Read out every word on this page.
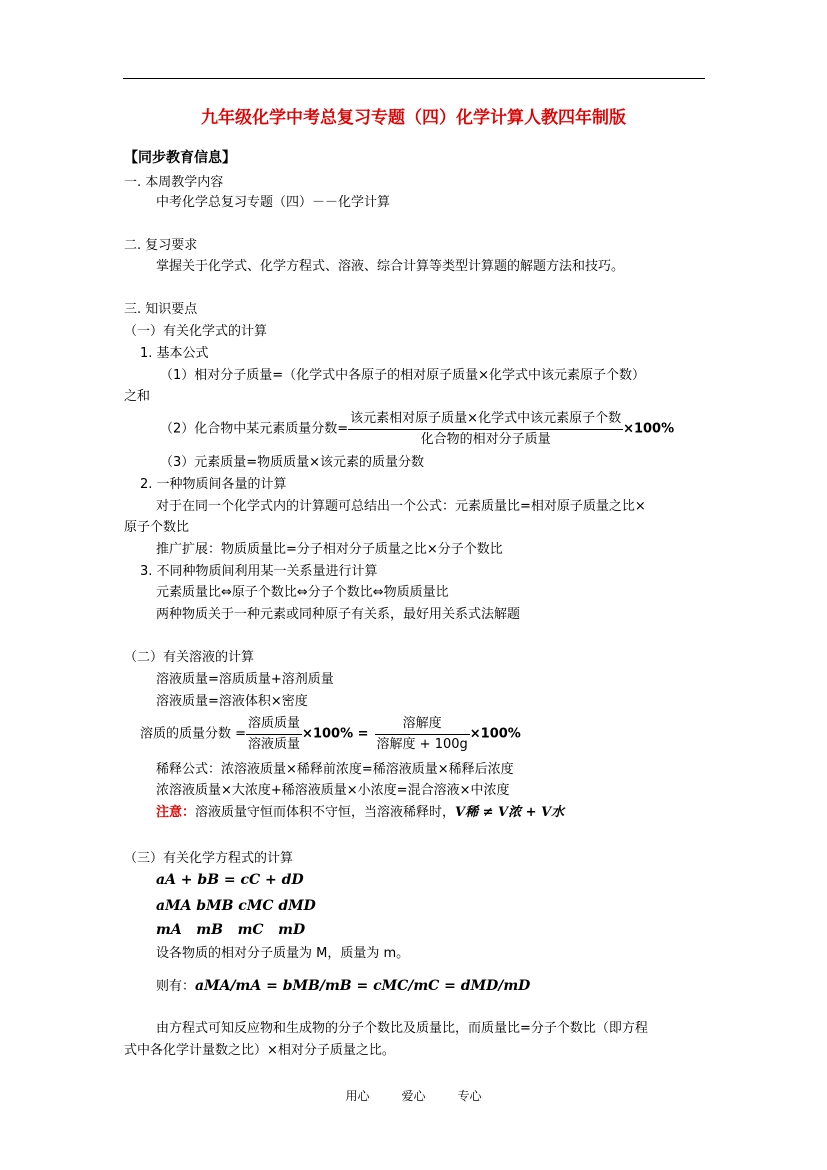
九年级化学中考总复习专题（四）化学计算人教四年制版
【同步教育信息】
一. 本周教学内容
中考化学总复习专题（四）－－化学计算
二. 复习要求
掌握关于化学式、化学方程式、溶液、综合计算等类型计算题的解题方法和技巧。
三. 知识要点
（一）有关化学式的计算
1. 基本公式
（1）相对分子质量=（化学式中各原子的相对原子质量×化学式中该元素原子个数）
之和
（2）化合物中某元素质量分数= $\frac{\text{该元素相对原子质量×化学式中该元素原子个数}}{\text{化合物的相对分子质量}} \times 100\%$
（3）元素质量=物质质量×该元素的质量分数
2. 一种物质间各量的计算
对于在同一个化学式内的计算题可总结出一个公式：元素质量比=相对原子质量之比×
原子个数比
推广扩展：物质质量比=分子相对分子质量之比×分子个数比
3. 不同种物质间利用某一关系量进行计算
元素质量比⇔原子个数比⇔分子个数比⇔物质质量比
两种物质关于一种元素或同种原子有关系，最好用关系式法解题
（二）有关溶液的计算
溶液质量=溶质质量+溶剂质量
溶液质量=溶液体积×密度
溶质的质量分数 = $\frac{\text{溶质质量}}{\text{溶液质量}} \times 100\% = \frac{\text{溶解度}}{\text{溶解度 + 100g}} \times 100\%$
稀释公式：浓溶液质量×稀释前浓度=稀溶液质量×稀释后浓度
浓溶液质量×大浓度+稀溶液质量×小浓度=混合溶液×中浓度
注意：溶液质量守恒而体积不守恒，当溶液稀释时，V稀 ≠ V浓 + V水
（三）有关化学方程式的计算
aA + bB = cC + dD
aMA bMB cMC dMD
mA   mB   mC   mD
设各物质的相对分子质量为 M，质量为 m。
则有：aMA/mA = bMB/mB = cMC/mC = dMD/mD
由方程式可知反应物和生成物的分子个数比及质量比，而质量比=分子个数比（即方程
式中各化学计量数之比）×相对分子质量之比。
用心	爱心	专心
